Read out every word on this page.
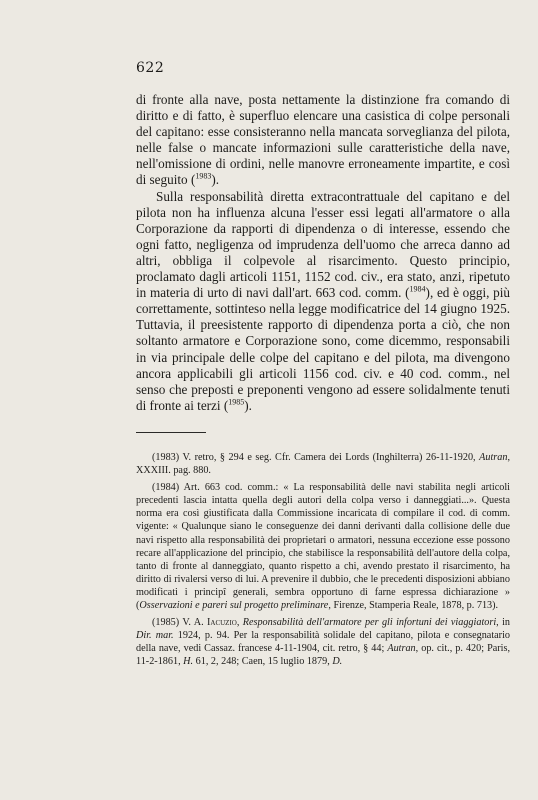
622

di fronte alla nave, posta nettamente la distinzione fra comando di diritto e di fatto, è superfluo elencare una casistica di colpe personali del capitano: esse consisteranno nella mancata sorveglianza del pilota, nelle false o mancate informazioni sulle caratteristiche della nave, nell'omissione di ordini, nelle manovre erroneamente impartite, e così di seguito ($^{1983}$).

Sulla responsabilità diretta extracontrattuale del capitano e del pilota non ha influenza alcuna l'esser essi legati all'armatore o alla Corporazione da rapporti di dipendenza o di interesse, essendo che ogni fatto, negligenza od imprudenza dell'uomo che arreca danno ad altri, obbliga il colpevole al risarcimento. Questo principio, proclamato dagli articoli 1151, 1152 cod. civ., era stato, anzi, ripetuto in materia di urto di navi dall'art. 663 cod. comm. ($^{1984}$), ed è oggi, più correttamente, sottinteso nella legge modificatrice del 14 giugno 1925. Tuttavia, il preesistente rapporto di dipendenza porta a ciò, che non soltanto armatore e Corporazione sono, come dicemmo, responsabili in via principale delle colpe del capitano e del pilota, ma divengono ancora applicabili gli articoli 1156 cod. civ. e 40 cod. comm., nel senso che preposti e preponenti vengono ad essere solidalmente tenuti di fronte ai terzi ($^{1985}$).

(1983) V. retro, § 294 e seg. Cfr. Camera dei Lords (Inghilterra) 26-11-1920, Autran, XXXIII. pag. 880.

(1984) Art. 663 cod. comm.: « La responsabilità delle navi stabilita negli articoli precedenti lascia intatta quella degli autori della colpa verso i danneggiati...». Questa norma era così giustificata dalla Commissione incaricata di compilare il cod. di comm. vigente: « Qualunque siano le conseguenze dei danni derivanti dalla collisione delle due navi rispetto alla responsabilità dei proprietari o armatori, nessuna eccezione esse possono recare all'applicazione del principio, che stabilisce la responsabilità dell'autore della colpa, tanto di fronte al danneggiato, quanto rispetto a chi, avendo prestato il risarcimento, ha diritto di rivalersi verso di lui. A prevenire il dubbio, che le precedenti disposizioni abbiano modificati i principî generali, sembra opportuno di farne espressa dichiarazione » (Osservazioni e pareri sul progetto preliminare, Firenze, Stamperia Reale, 1878, p. 713).

(1985) V. A. Iacuzio, Responsabilità dell'armatore per gli infortuni dei viaggiatori, in Dir. mar. 1924, p. 94. Per la responsabilità solidale del capitano, pilota e consegnatario della nave, vedi Cassaz. francese 4-11-1904, cit. retro, § 44; Autran, op. cit., p. 420; Paris, 11-2-1861, H. 61, 2, 248; Caen, 15 luglio 1879, D.
